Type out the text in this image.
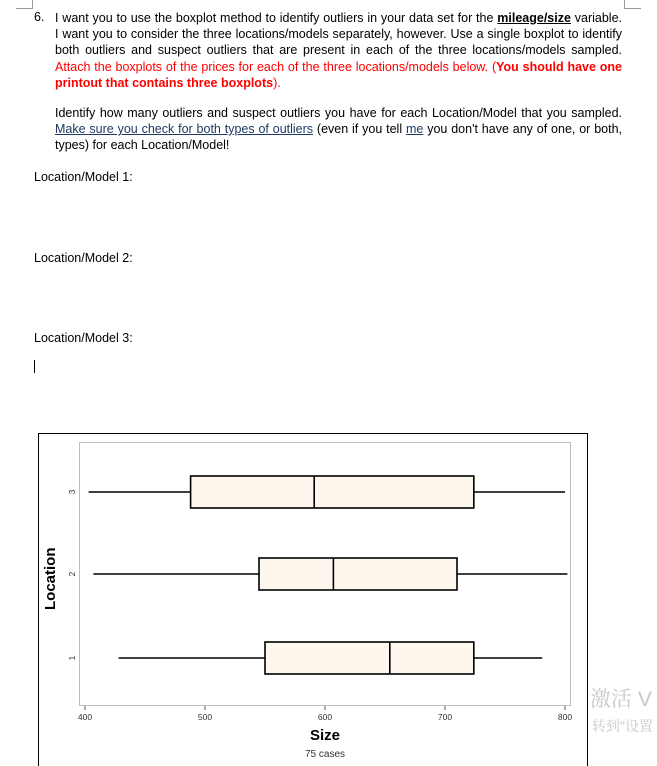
6. I want you to use the boxplot method to identify outliers in your data set for the mileage/size variable. I want you to consider the three locations/models separately, however. Use a single boxplot to identify both outliers and suspect outliers that are present in each of the three locations/models sampled. Attach the boxplots of the prices for each of the three locations/models below. (You should have one printout that contains three boxplots).
Identify how many outliers and suspect outliers you have for each Location/Model that you sampled. Make sure you check for both types of outliers (even if you tell me you don't have any of one, or both, types) for each Location/Model!
Location/Model 1:
Location/Model 2:
Location/Model 3:
400	500	600	700	800
1
2
3
Location
Size
75 cases
激活 V
转到"设置
